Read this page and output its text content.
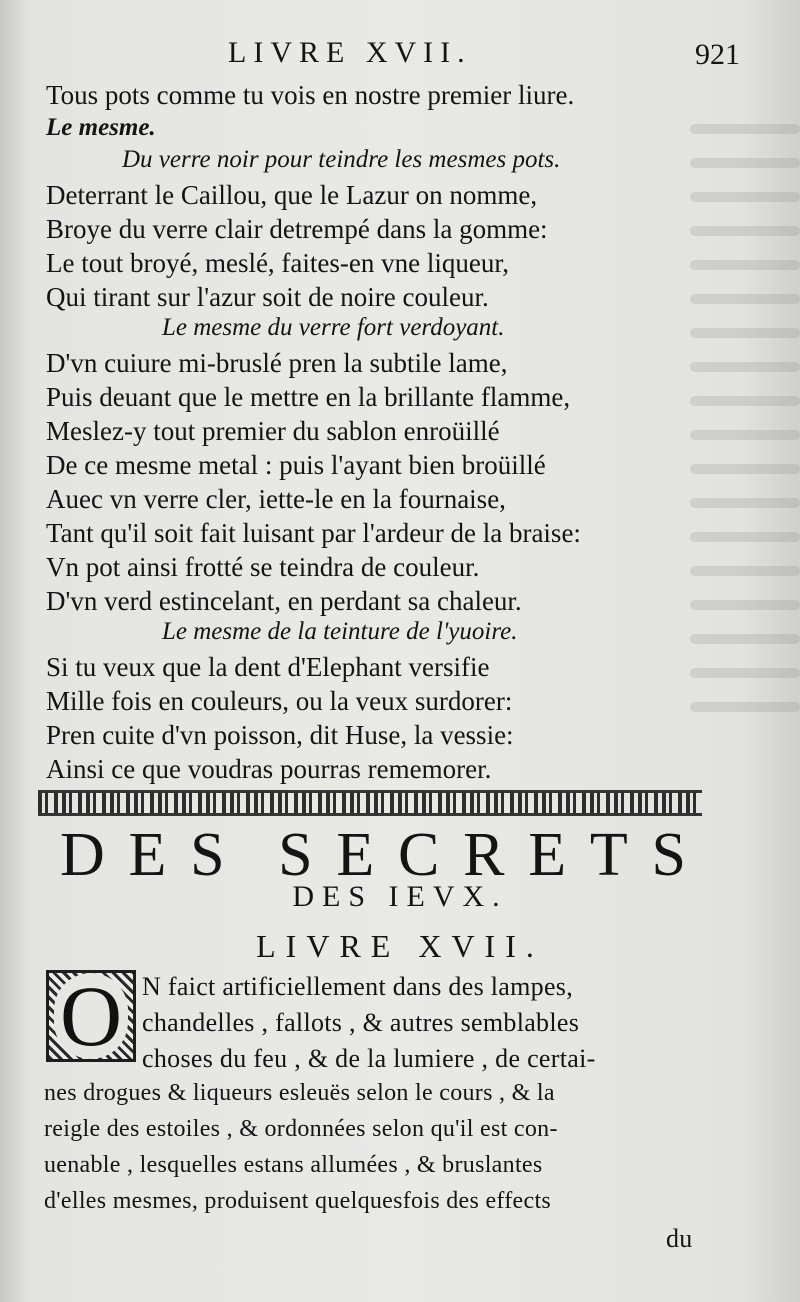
LIVRE XVII.	921
Tous pots comme tu vois en nostre premier liure.
Le mesme.
Du verre noir pour teindre les mesmes pots.
Deterrant le Caillou, que le Lazur on nomme,
Broye du verre clair detrempé dans la gomme:
Le tout broyé, meslé, faites-en vne liqueur,
Qui tirant sur l'azur soit de noire couleur.
Le mesme du verre fort verdoyant.
D'vn cuiure mi-bruslé pren la subtile lame,
Puis deuant que le mettre en la brillante flamme,
Meslez-y tout premier du sablon enroüillé
De ce mesme metal : puis l'ayant bien broüillé
Auec vn verre cler, iette-le en la fournaise,
Tant qu'il soit fait luisant par l'ardeur de la braise:
Vn pot ainsi frotté se teindra de couleur.
D'vn verd estincelant, en perdant sa chaleur.
Le mesme de la teinture de l'yuoire.
Si tu veux que la dent d'Elephant versifie
Mille fois en couleurs, ou la veux surdorer:
Pren cuite d'vn poisson, dit Huse, la vessie:
Ainsi ce que voudras pourras rememorer.
D E S S E C R E T S
DES IEVX.
LIVRE XVII.
O N faict artificiellement dans des lampes,
chandelles , fallots , & autres semblables
choses du feu , & de la lumiere , de certai-
nes drogues & liqueurs esleuës selon le cours , & la
reigle des estoiles , & ordonnées selon qu'il est con-
uenable , lesquelles estans allumées , & bruslantes
d'elles mesmes, produisent quelquesfois des effects
du
